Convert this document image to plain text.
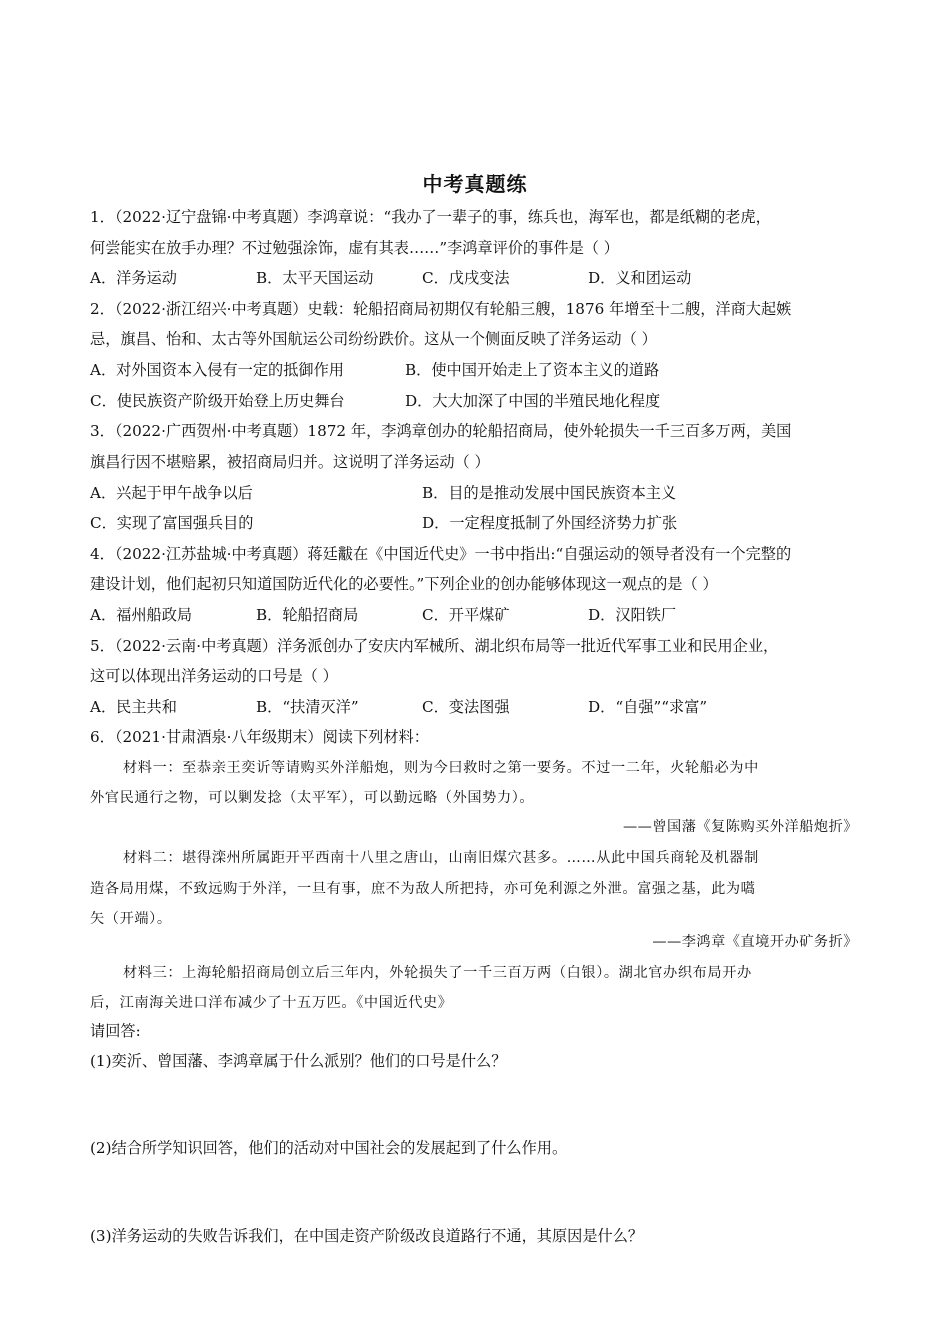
中考真题练
1．（2022·辽宁盘锦·中考真题）李鸿章说：“我办了一辈子的事，练兵也，海军也，都是纸糊的老虎，
何尝能实在放手办理？不过勉强涂饰，虚有其表……”李鸿章评价的事件是（ ）
A．洋务运动	B．太平天国运动	C．戊戌变法	D．义和团运动
2．（2022·浙江绍兴·中考真题）史载：轮船招商局初期仅有轮船三艘，1876 年增至十二艘，洋商大起嫉
忌，旗昌、怡和、太古等外国航运公司纷纷跌价。这从一个侧面反映了洋务运动（ ）
A．对外国资本入侵有一定的抵御作用	B．使中国开始走上了资本主义的道路
C．使民族资产阶级开始登上历史舞台	D．大大加深了中国的半殖民地化程度
3．（2022·广西贺州·中考真题）1872 年，李鸿章创办的轮船招商局，使外轮损失一千三百多万两，美国
旗昌行因不堪赔累，被招商局归并。这说明了洋务运动（ ）
A．兴起于甲午战争以后	B．目的是推动发展中国民族资本主义
C．实现了富国强兵目的	D．一定程度抵制了外国经济势力扩张
4．（2022·江苏盐城·中考真题）蒋廷黻在《中国近代史》一书中指出:“自强运动的领导者没有一个完整的
建设计划，他们起初只知道国防近代化的必要性。”下列企业的创办能够体现这一观点的是（ ）
A．福州船政局	B．轮船招商局	C．开平煤矿	D．汉阳铁厂
5．（2022·云南·中考真题）洋务派创办了安庆内军械所、湖北织布局等一批近代军事工业和民用企业，
这可以体现出洋务运动的口号是（ ）
A．民主共和	B．“扶清灭洋”	C．变法图强	D．“自强”“求富”
6．（2021·甘肃酒泉·八年级期末）阅读下列材料：
材料一：至恭亲王奕䜣等请购买外洋船炮，则为今曰救时之第一要务。不过一二年，火轮船必为中
外官民通行之物，可以剿发捻（太平军），可以勤远略（外国势力）。
——曾国藩《复陈购买外洋船炮折》
材料二：堪得滦州所属距开平西南十八里之唐山，山南旧煤穴甚多。……从此中国兵商轮及机器制
造各局用煤，不致远购于外洋，一旦有事，庶不为敌人所把持，亦可免利源之外泄。富强之基，此为嚆
矢（开端）。
——李鸿章《直境开办矿务折》
材料三：上海轮船招商局创立后三年内，外轮损失了一千三百万两（白银）。湖北官办织布局开办
后，江南海关进口洋布减少了十五万匹。《中国近代史》
请回答:
(1)奕沂、曾国藩、李鸿章属于什么派别？他们的口号是什么？
(2)结合所学知识回答，他们的活动对中国社会的发展起到了什么作用。
(3)洋务运动的失败告诉我们，在中国走资产阶级改良道路行不通，其原因是什么？
